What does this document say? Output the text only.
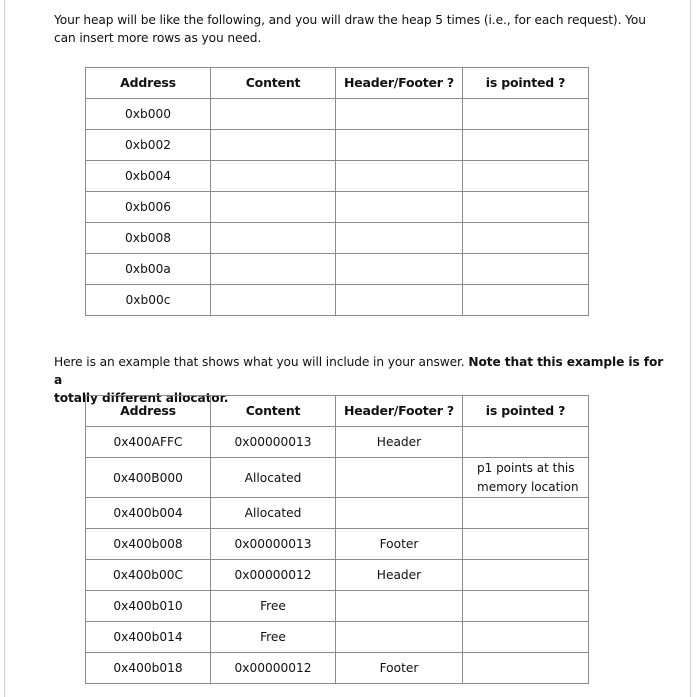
Your heap will be like the following, and you will draw the heap 5 times (i.e., for each request). You
can insert more rows as you need.
Address	Content	Header/Footer ?	is pointed ?
0xb000			
0xb002			
0xb004			
0xb006			
0xb008			
0xb00a			
0xb00c			
Here is an example that shows what you will include in your answer. Note that this example is for a
totally different allocator.
Address	Content	Header/Footer ?	is pointed ?
0x400AFFC	0x00000013	Header	

0x400B000	Allocated		p1 points at this
memory location

0x400b004	Allocated		
0x400b008	0x00000013	Footer	
0x400b00C	0x00000012	Header	
0x400b010	Free		
0x400b014	Free		
0x400b018	0x00000012	Footer	
